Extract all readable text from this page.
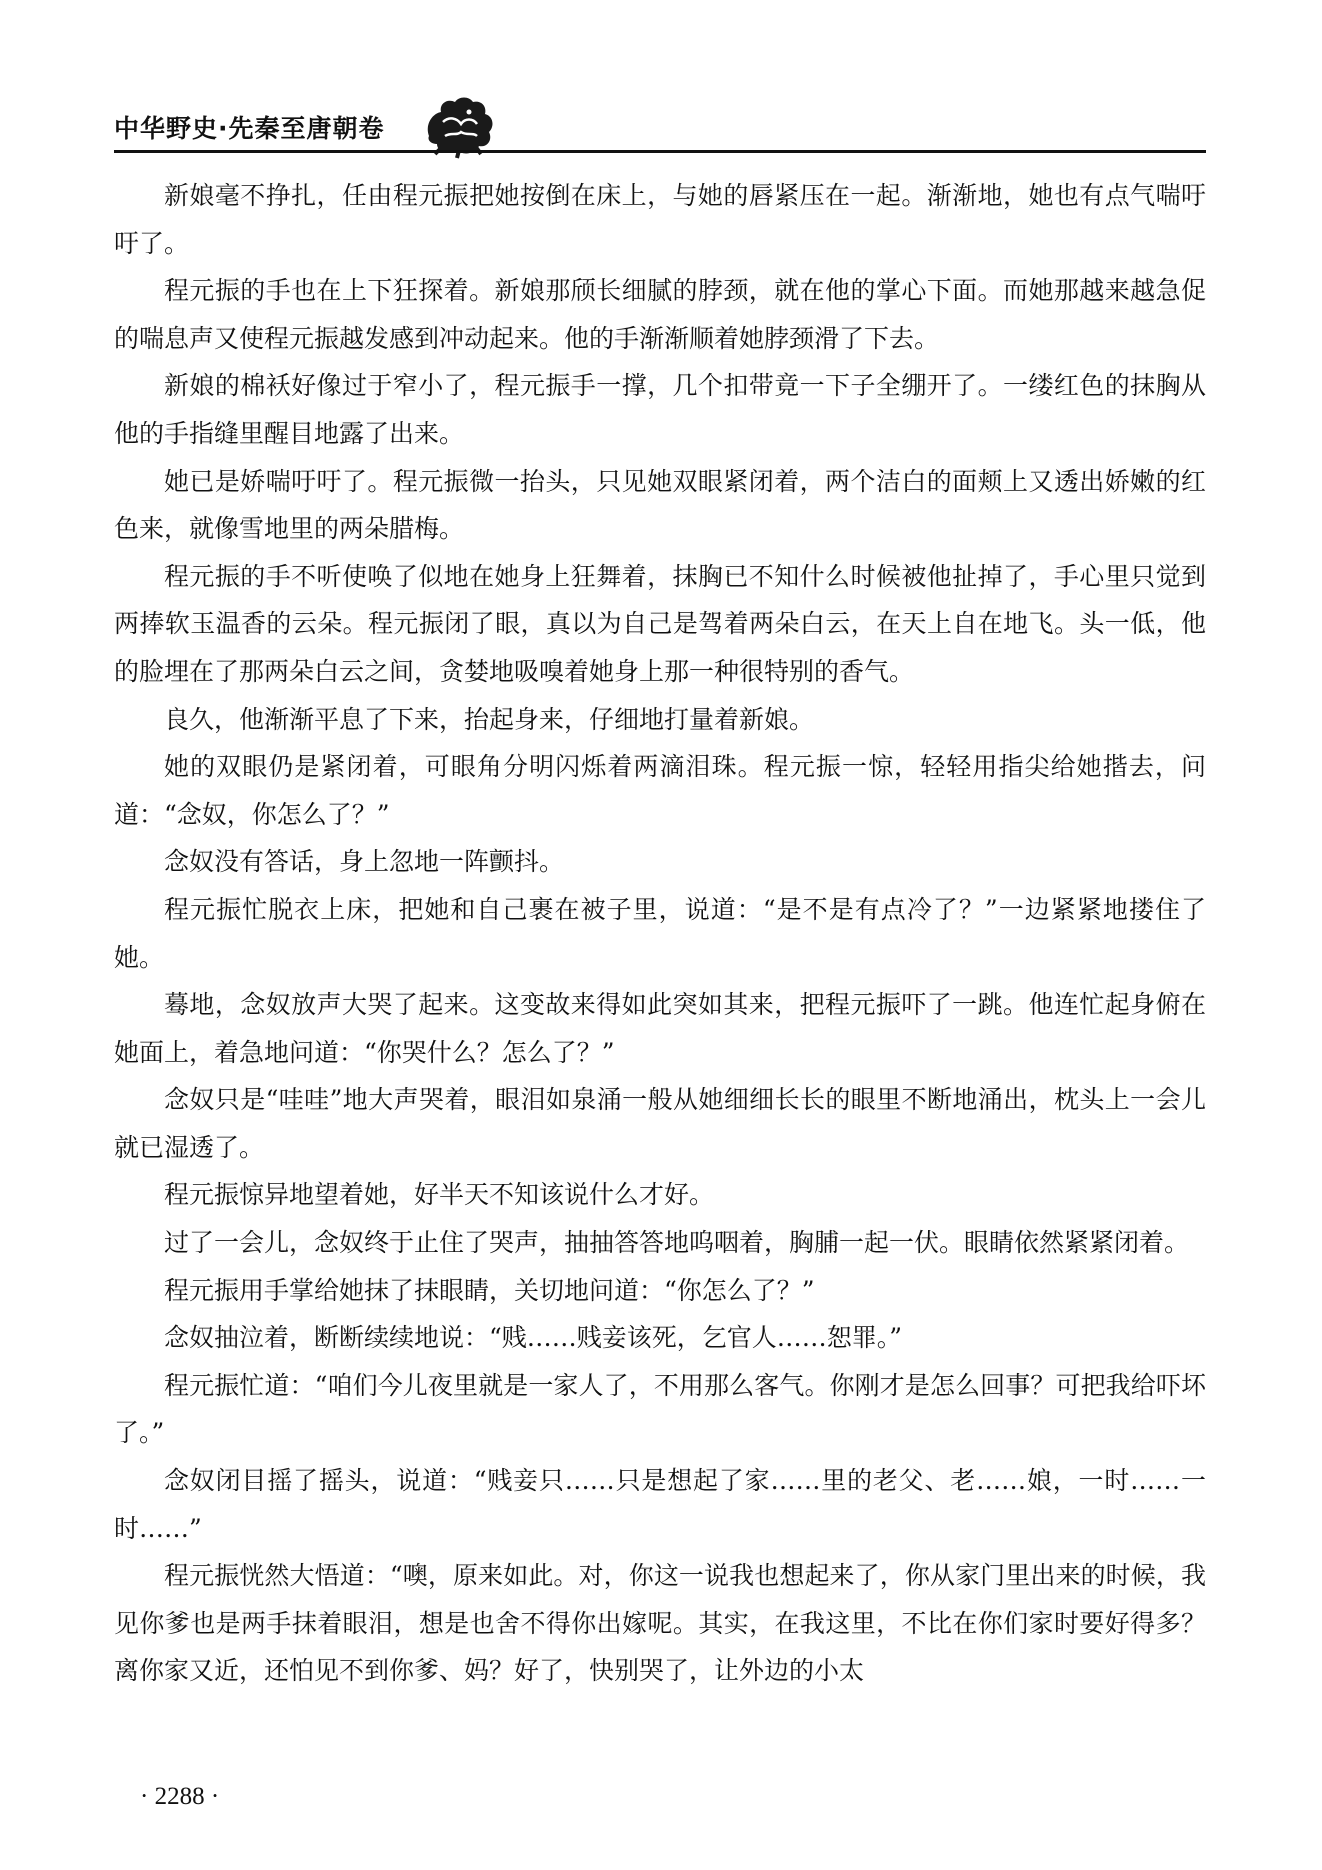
中华野史·先秦至唐朝卷

新娘毫不挣扎，任由程元振把她按倒在床上，与她的唇紧压在一起。渐渐地，她也有点气喘吁吁了。

程元振的手也在上下狂探着。新娘那颀长细腻的脖颈，就在他的掌心下面。而她那越来越急促的喘息声又使程元振越发感到冲动起来。他的手渐渐顺着她脖颈滑了下去。

新娘的棉袄好像过于窄小了，程元振手一撑，几个扣带竟一下子全绷开了。一缕红色的抹胸从他的手指缝里醒目地露了出来。

她已是娇喘吁吁了。程元振微一抬头，只见她双眼紧闭着，两个洁白的面颊上又透出娇嫩的红色来，就像雪地里的两朵腊梅。

程元振的手不听使唤了似地在她身上狂舞着，抹胸已不知什么时候被他扯掉了，手心里只觉到两捧软玉温香的云朵。程元振闭了眼，真以为自己是驾着两朵白云，在天上自在地飞。头一低，他的脸埋在了那两朵白云之间，贪婪地吸嗅着她身上那一种很特别的香气。

良久，他渐渐平息了下来，抬起身来，仔细地打量着新娘。

她的双眼仍是紧闭着，可眼角分明闪烁着两滴泪珠。程元振一惊，轻轻用指尖给她揩去，问道：“念奴，你怎么了？”

念奴没有答话，身上忽地一阵颤抖。

程元振忙脱衣上床，把她和自己裹在被子里，说道：“是不是有点冷了？”一边紧紧地搂住了她。

蓦地，念奴放声大哭了起来。这变故来得如此突如其来，把程元振吓了一跳。他连忙起身俯在她面上，着急地问道：“你哭什么？怎么了？”

念奴只是“哇哇”地大声哭着，眼泪如泉涌一般从她细细长长的眼里不断地涌出，枕头上一会儿就已湿透了。

程元振惊异地望着她，好半天不知该说什么才好。

过了一会儿，念奴终于止住了哭声，抽抽答答地呜咽着，胸脯一起一伏。眼睛依然紧紧闭着。

程元振用手掌给她抹了抹眼睛，关切地问道：“你怎么了？”

念奴抽泣着，断断续续地说：“贱……贱妾该死，乞官人……恕罪。”

程元振忙道：“咱们今儿夜里就是一家人了，不用那么客气。你刚才是怎么回事？可把我给吓坏了。”

念奴闭目摇了摇头，说道：“贱妾只……只是想起了家……里的老父、老……娘，一时……一时……”

程元振恍然大悟道：“噢，原来如此。对，你这一说我也想起来了，你从家门里出来的时候，我见你爹也是两手抹着眼泪，想是也舍不得你出嫁呢。其实，在我这里，不比在你们家时要好得多？离你家又近，还怕见不到你爹、妈？好了，快别哭了，让外边的小太

· 2288 ·
